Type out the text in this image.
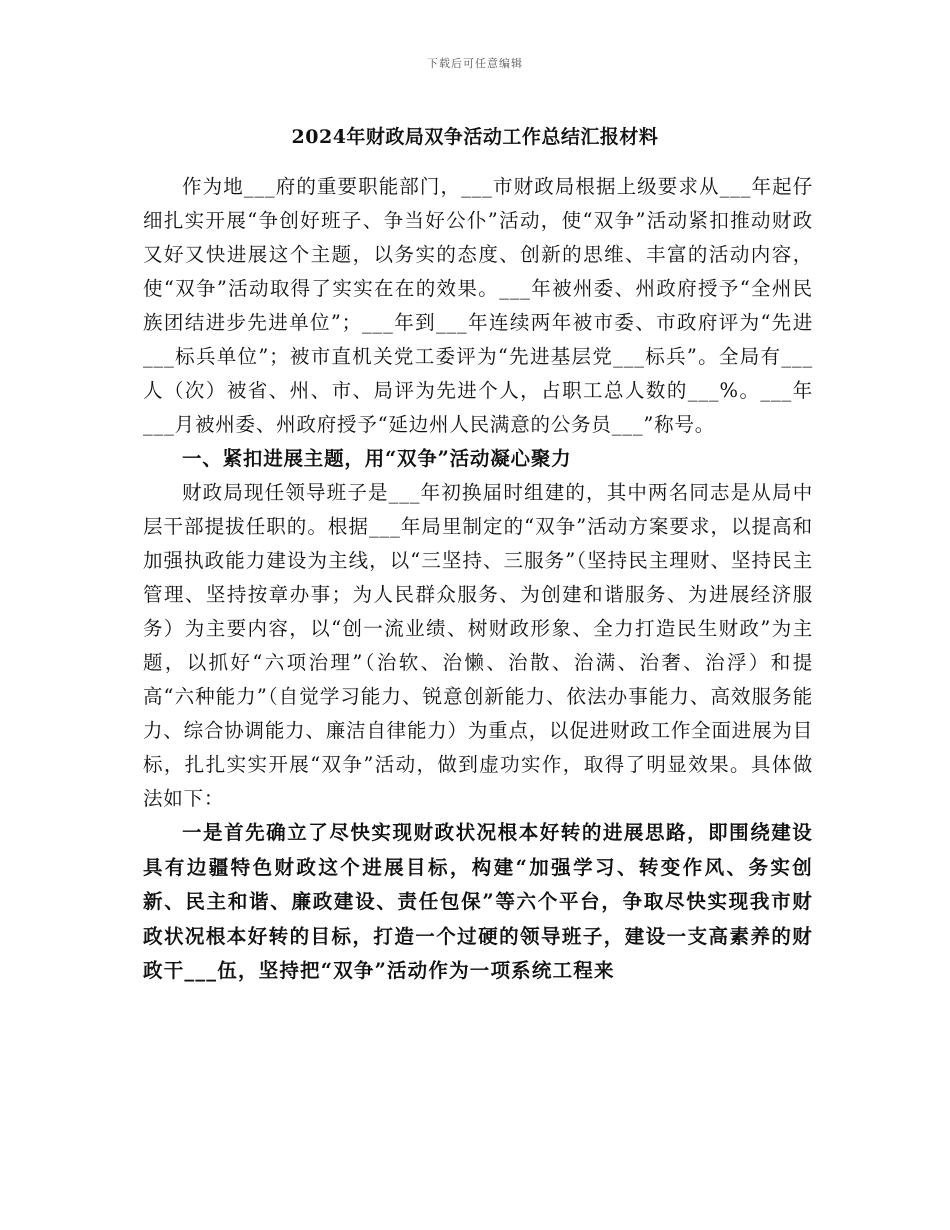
下载后可任意编辑
2024年财政局双争活动工作总结汇报材料

作为地___府的重要职能部门，___市财政局根据上级要求从___年起仔细扎实开展“争创好班子、争当好公仆”活动，使“双争”活动紧扣推动财政又好又快进展这个主题，以务实的态度、创新的思维、丰富的活动内容，使“双争”活动取得了实实在在的效果。___年被州委、州政府授予“全州民族团结进步先进单位”；___年到___年连续两年被市委、市政府评为“先进___标兵单位”；被市直机关党工委评为“先进基层党___标兵”。全局有___人（次）被省、州、市、局评为先进个人，占职工总人数的___%。___年___月被州委、州政府授予“延边州人民满意的公务员___”称号。

一、紧扣进展主题，用“双争”活动凝心聚力

财政局现任领导班子是___年初换届时组建的，其中两名同志是从局中层干部提拔任职的。根据___年局里制定的“双争”活动方案要求，以提高和加强执政能力建设为主线，以“三坚持、三服务”（坚持民主理财、坚持民主管理、坚持按章办事；为人民群众服务、为创建和谐服务、为进展经济服务）为主要内容，以“创一流业绩、树财政形象、全力打造民生财政”为主题，以抓好“六项治理”（治软、治懒、治散、治满、治奢、治浮）和提高“六种能力”（自觉学习能力、锐意创新能力、依法办事能力、高效服务能力、综合协调能力、廉洁自律能力）为重点，以促进财政工作全面进展为目标，扎扎实实开展“双争”活动，做到虚功实作，取得了明显效果。具体做法如下：

一是首先确立了尽快实现财政状况根本好转的进展思路，即围绕建设具有边疆特色财政这个进展目标，构建“加强学习、转变作风、务实创新、民主和谐、廉政建设、责任包保”等六个平台，争取尽快实现我市财政状况根本好转的目标，打造一个过硬的领导班子，建设一支高素养的财政干___伍，坚持把“双争”活动作为一项系统工程来
